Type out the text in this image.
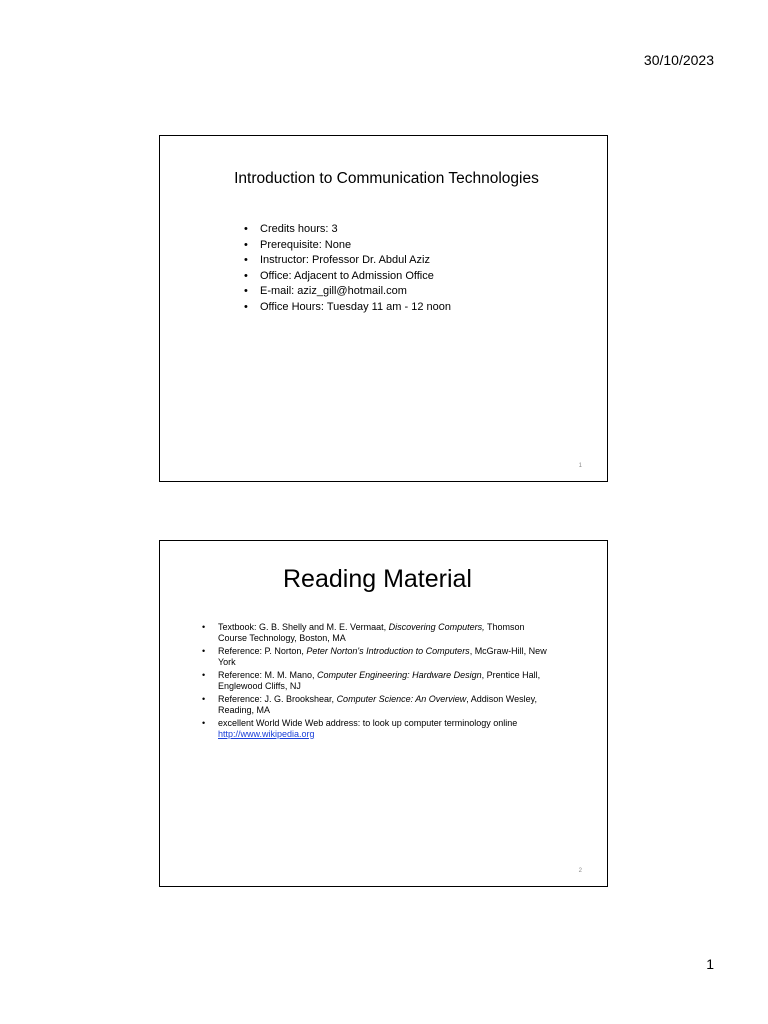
30/10/2023
Introduction to Communication Technologies
• Credits hours: 3
• Prerequisite: None
• Instructor: Professor Dr. Abdul Aziz
• Office: Adjacent to Admission Office
• E-mail: aziz_gill@hotmail.com
• Office Hours: Tuesday 11 am - 12 noon
1
Reading Material
• Textbook: G. B. Shelly and M. E. Vermaat, Discovering Computers, Thomson Course Technology, Boston, MA
• Reference: P. Norton, Peter Norton's Introduction to Computers, McGraw-Hill, New York
• Reference: M. M. Mano, Computer Engineering: Hardware Design, Prentice Hall, Englewood Cliffs, NJ
• Reference: J. G. Brookshear, Computer Science: An Overview, Addison Wesley, Reading, MA
• excellent World Wide Web address: to look up computer terminology online http://www.wikipedia.org
2
1
